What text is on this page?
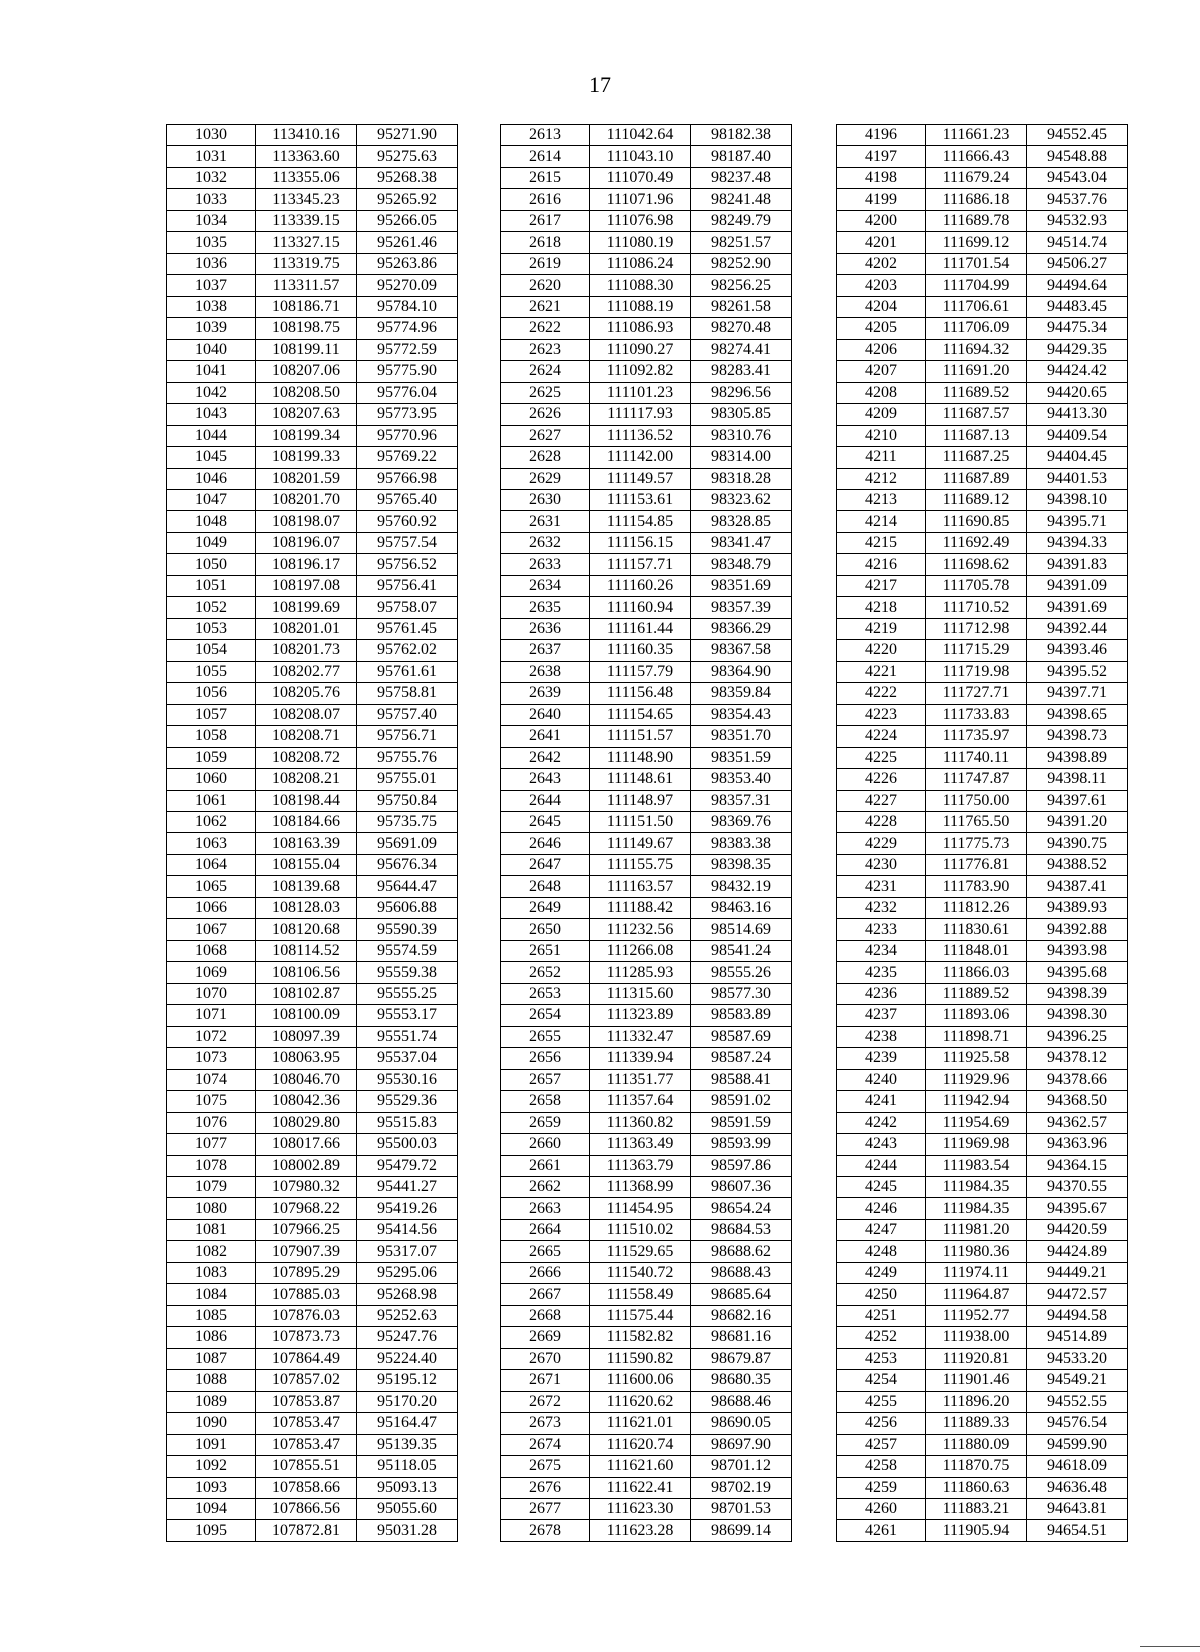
17
1030	113410.16	95271.90
1031	113363.60	95275.63
1032	113355.06	95268.38
1033	113345.23	95265.92
1034	113339.15	95266.05
1035	113327.15	95261.46
1036	113319.75	95263.86
1037	113311.57	95270.09
1038	108186.71	95784.10
1039	108198.75	95774.96
1040	108199.11	95772.59
1041	108207.06	95775.90
1042	108208.50	95776.04
1043	108207.63	95773.95
1044	108199.34	95770.96
1045	108199.33	95769.22
1046	108201.59	95766.98
1047	108201.70	95765.40
1048	108198.07	95760.92
1049	108196.07	95757.54
1050	108196.17	95756.52
1051	108197.08	95756.41
1052	108199.69	95758.07
1053	108201.01	95761.45
1054	108201.73	95762.02
1055	108202.77	95761.61
1056	108205.76	95758.81
1057	108208.07	95757.40
1058	108208.71	95756.71
1059	108208.72	95755.76
1060	108208.21	95755.01
1061	108198.44	95750.84
1062	108184.66	95735.75
1063	108163.39	95691.09
1064	108155.04	95676.34
1065	108139.68	95644.47
1066	108128.03	95606.88
1067	108120.68	95590.39
1068	108114.52	95574.59
1069	108106.56	95559.38
1070	108102.87	95555.25
1071	108100.09	95553.17
1072	108097.39	95551.74
1073	108063.95	95537.04
1074	108046.70	95530.16
1075	108042.36	95529.36
1076	108029.80	95515.83
1077	108017.66	95500.03
1078	108002.89	95479.72
1079	107980.32	95441.27
1080	107968.22	95419.26
1081	107966.25	95414.56
1082	107907.39	95317.07
1083	107895.29	95295.06
1084	107885.03	95268.98
1085	107876.03	95252.63
1086	107873.73	95247.76
1087	107864.49	95224.40
1088	107857.02	95195.12
1089	107853.87	95170.20
1090	107853.47	95164.47
1091	107853.47	95139.35
1092	107855.51	95118.05
1093	107858.66	95093.13
1094	107866.56	95055.60
1095	107872.81	95031.28
2613	111042.64	98182.38
2614	111043.10	98187.40
2615	111070.49	98237.48
2616	111071.96	98241.48
2617	111076.98	98249.79
2618	111080.19	98251.57
2619	111086.24	98252.90
2620	111088.30	98256.25
2621	111088.19	98261.58
2622	111086.93	98270.48
2623	111090.27	98274.41
2624	111092.82	98283.41
2625	111101.23	98296.56
2626	111117.93	98305.85
2627	111136.52	98310.76
2628	111142.00	98314.00
2629	111149.57	98318.28
2630	111153.61	98323.62
2631	111154.85	98328.85
2632	111156.15	98341.47
2633	111157.71	98348.79
2634	111160.26	98351.69
2635	111160.94	98357.39
2636	111161.44	98366.29
2637	111160.35	98367.58
2638	111157.79	98364.90
2639	111156.48	98359.84
2640	111154.65	98354.43
2641	111151.57	98351.70
2642	111148.90	98351.59
2643	111148.61	98353.40
2644	111148.97	98357.31
2645	111151.50	98369.76
2646	111149.67	98383.38
2647	111155.75	98398.35
2648	111163.57	98432.19
2649	111188.42	98463.16
2650	111232.56	98514.69
2651	111266.08	98541.24
2652	111285.93	98555.26
2653	111315.60	98577.30
2654	111323.89	98583.89
2655	111332.47	98587.69
2656	111339.94	98587.24
2657	111351.77	98588.41
2658	111357.64	98591.02
2659	111360.82	98591.59
2660	111363.49	98593.99
2661	111363.79	98597.86
2662	111368.99	98607.36
2663	111454.95	98654.24
2664	111510.02	98684.53
2665	111529.65	98688.62
2666	111540.72	98688.43
2667	111558.49	98685.64
2668	111575.44	98682.16
2669	111582.82	98681.16
2670	111590.82	98679.87
2671	111600.06	98680.35
2672	111620.62	98688.46
2673	111621.01	98690.05
2674	111620.74	98697.90
2675	111621.60	98701.12
2676	111622.41	98702.19
2677	111623.30	98701.53
2678	111623.28	98699.14
4196	111661.23	94552.45
4197	111666.43	94548.88
4198	111679.24	94543.04
4199	111686.18	94537.76
4200	111689.78	94532.93
4201	111699.12	94514.74
4202	111701.54	94506.27
4203	111704.99	94494.64
4204	111706.61	94483.45
4205	111706.09	94475.34
4206	111694.32	94429.35
4207	111691.20	94424.42
4208	111689.52	94420.65
4209	111687.57	94413.30
4210	111687.13	94409.54
4211	111687.25	94404.45
4212	111687.89	94401.53
4213	111689.12	94398.10
4214	111690.85	94395.71
4215	111692.49	94394.33
4216	111698.62	94391.83
4217	111705.78	94391.09
4218	111710.52	94391.69
4219	111712.98	94392.44
4220	111715.29	94393.46
4221	111719.98	94395.52
4222	111727.71	94397.71
4223	111733.83	94398.65
4224	111735.97	94398.73
4225	111740.11	94398.89
4226	111747.87	94398.11
4227	111750.00	94397.61
4228	111765.50	94391.20
4229	111775.73	94390.75
4230	111776.81	94388.52
4231	111783.90	94387.41
4232	111812.26	94389.93
4233	111830.61	94392.88
4234	111848.01	94393.98
4235	111866.03	94395.68
4236	111889.52	94398.39
4237	111893.06	94398.30
4238	111898.71	94396.25
4239	111925.58	94378.12
4240	111929.96	94378.66
4241	111942.94	94368.50
4242	111954.69	94362.57
4243	111969.98	94363.96
4244	111983.54	94364.15
4245	111984.35	94370.55
4246	111984.35	94395.67
4247	111981.20	94420.59
4248	111980.36	94424.89
4249	111974.11	94449.21
4250	111964.87	94472.57
4251	111952.77	94494.58
4252	111938.00	94514.89
4253	111920.81	94533.20
4254	111901.46	94549.21
4255	111896.20	94552.55
4256	111889.33	94576.54
4257	111880.09	94599.90
4258	111870.75	94618.09
4259	111860.63	94636.48
4260	111883.21	94643.81
4261	111905.94	94654.51
